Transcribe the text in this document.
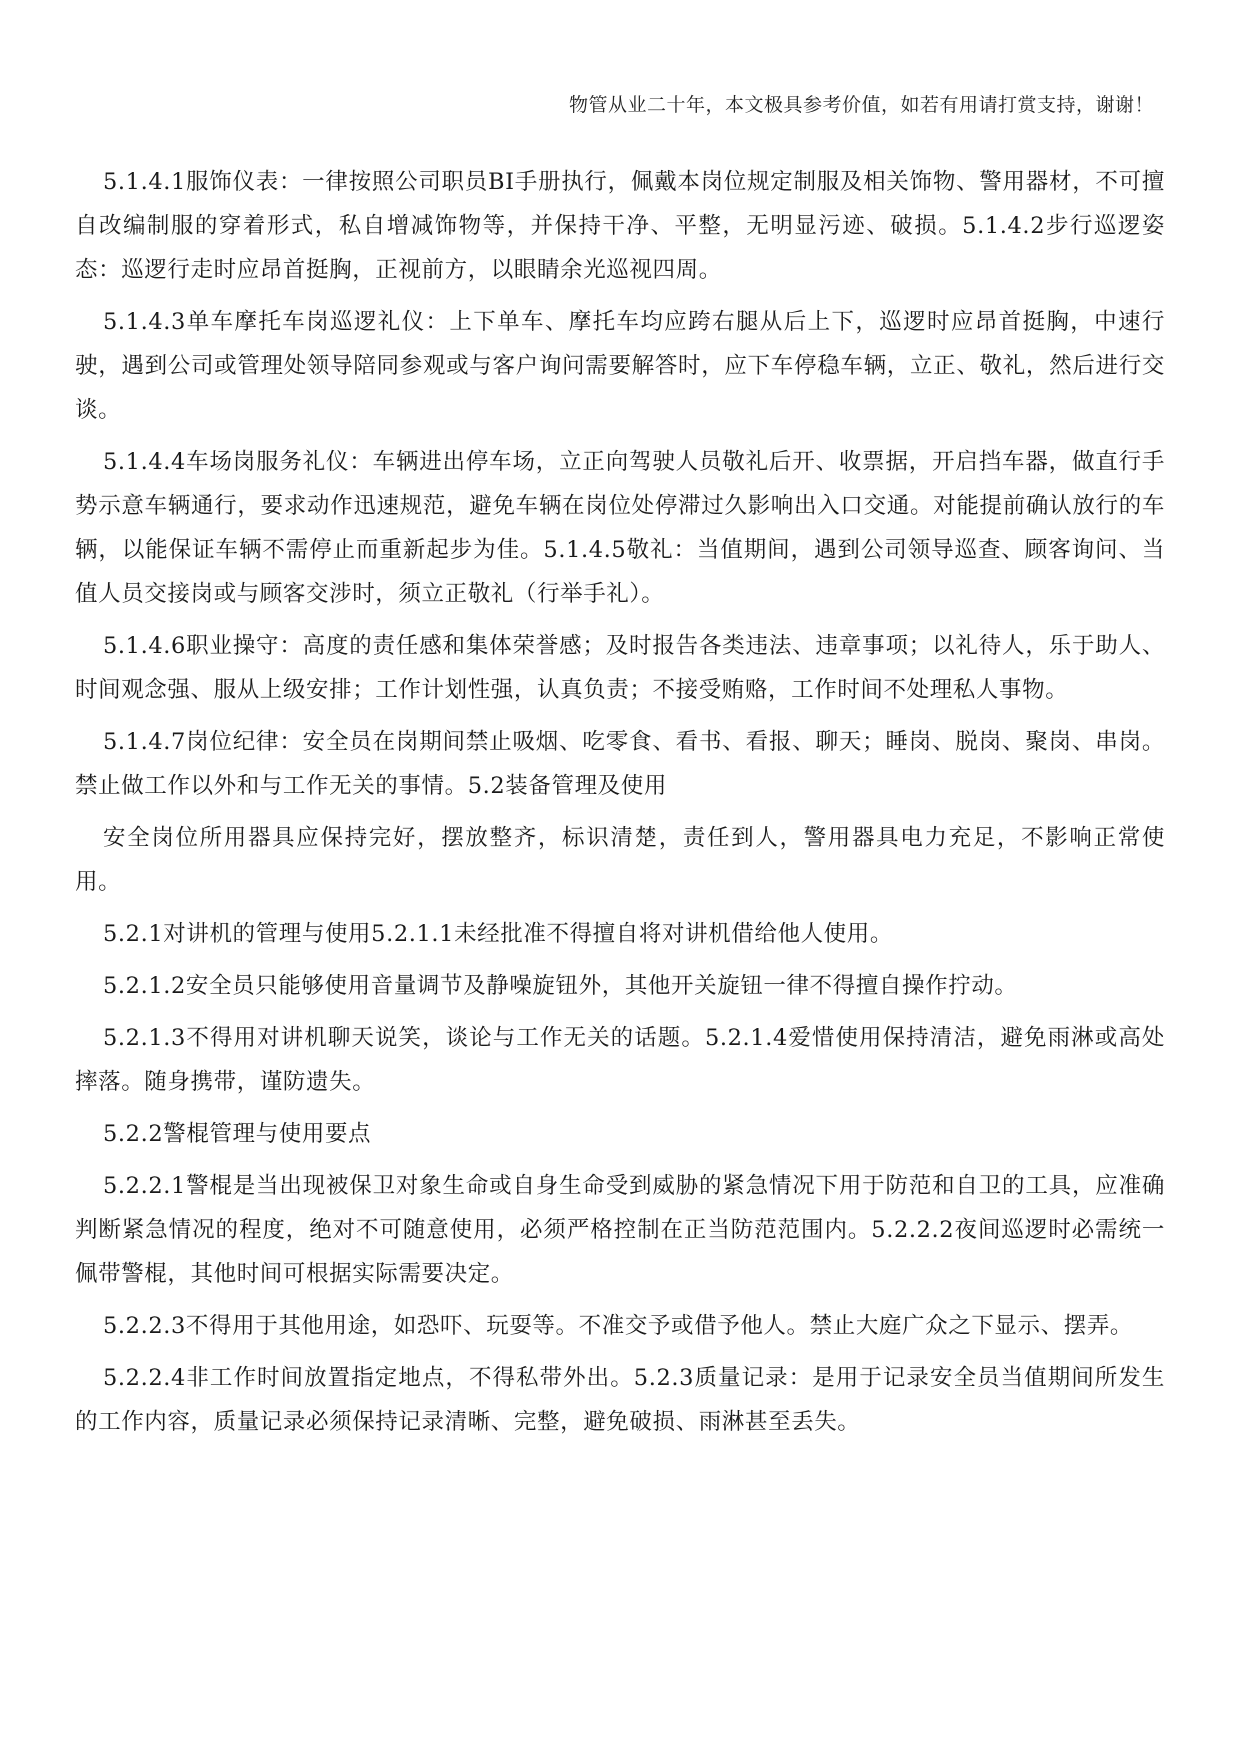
物管从业二十年，本文极具参考价值，如若有用请打赏支持，谢谢！

5.1.4.1服饰仪表：一律按照公司职员BI手册执行，佩戴本岗位规定制服及相关饰物、警用器材，不可擅自改编制服的穿着形式，私自增减饰物等，并保持干净、平整，无明显污迹、破损。5.1.4.2步行巡逻姿态：巡逻行走时应昂首挺胸，正视前方，以眼睛余光巡视四周。

5.1.4.3单车摩托车岗巡逻礼仪：上下单车、摩托车均应跨右腿从后上下，巡逻时应昂首挺胸，中速行驶，遇到公司或管理处领导陪同参观或与客户询问需要解答时，应下车停稳车辆，立正、敬礼，然后进行交谈。

5.1.4.4车场岗服务礼仪：车辆进出停车场，立正向驾驶人员敬礼后开、收票据，开启挡车器，做直行手势示意车辆通行，要求动作迅速规范，避免车辆在岗位处停滞过久影响出入口交通。对能提前确认放行的车辆，以能保证车辆不需停止而重新起步为佳。5.1.4.5敬礼：当值期间，遇到公司领导巡查、顾客询问、当值人员交接岗或与顾客交涉时，须立正敬礼（行举手礼）。

5.1.4.6职业操守：高度的责任感和集体荣誉感；及时报告各类违法、违章事项；以礼待人，乐于助人、时间观念强、服从上级安排；工作计划性强，认真负责；不接受贿赂，工作时间不处理私人事物。

5.1.4.7岗位纪律：安全员在岗期间禁止吸烟、吃零食、看书、看报、聊天；睡岗、脱岗、聚岗、串岗。禁止做工作以外和与工作无关的事情。5.2装备管理及使用

安全岗位所用器具应保持完好，摆放整齐，标识清楚，责任到人，警用器具电力充足，不影响正常使用。

5.2.1对讲机的管理与使用5.2.1.1未经批准不得擅自将对讲机借给他人使用。

5.2.1.2安全员只能够使用音量调节及静噪旋钮外，其他开关旋钮一律不得擅自操作拧动。

5.2.1.3不得用对讲机聊天说笑，谈论与工作无关的话题。5.2.1.4爱惜使用保持清洁，避免雨淋或高处摔落。随身携带，谨防遗失。

5.2.2警棍管理与使用要点

5.2.2.1警棍是当出现被保卫对象生命或自身生命受到威胁的紧急情况下用于防范和自卫的工具，应准确判断紧急情况的程度，绝对不可随意使用，必须严格控制在正当防范范围内。5.2.2.2夜间巡逻时必需统一佩带警棍，其他时间可根据实际需要决定。

5.2.2.3不得用于其他用途，如恐吓、玩耍等。不准交予或借予他人。禁止大庭广众之下显示、摆弄。

5.2.2.4非工作时间放置指定地点，不得私带外出。5.2.3质量记录：是用于记录安全员当值期间所发生的工作内容，质量记录必须保持记录清晰、完整，避免破损、雨淋甚至丢失。
